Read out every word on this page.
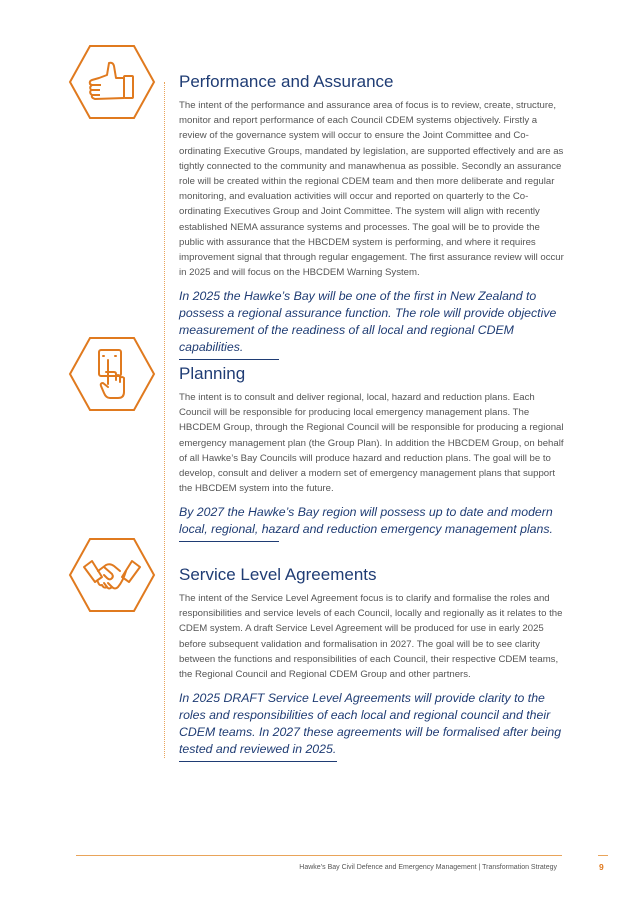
Performance and Assurance

The intent of the performance and assurance area of focus is to review, create, structure, monitor and report performance of each Council CDEM systems objectively. Firstly a review of the governance system will occur to ensure the Joint Committee and Co-ordinating Executive Groups, mandated by legislation, are supported effectively and are as tightly connected to the community and manawhenua as possible. Secondly an assurance role will be created within the regional CDEM team and then more deliberate and regular monitoring, and evaluation activities will occur and reported on quarterly to the Co-ordinating Executives Group and Joint Committee. The system will align with recently established NEMA assurance systems and processes. The goal will be to provide the public with assurance that the HBCDEM system is performing, and where it requires improvement signal that through regular engagement. The first assurance review will occur in 2025 and will focus on the HBCDEM Warning System.

In 2025 the Hawke’s Bay will be one of the first in New Zealand to possess a regional assurance function. The role will provide objective measurement of the readiness of all local and regional CDEM capabilities.
Planning

The intent is to consult and deliver regional, local, hazard and reduction plans. Each Council will be responsible for producing local emergency management plans. The HBCDEM Group, through the Regional Council will be responsible for producing a regional emergency management plan (the Group Plan). In addition the HBCDEM Group, on behalf of all Hawke’s Bay Councils will produce hazard and reduction plans. The goal will be to develop, consult and deliver a modern set of emergency management plans that support the HBCDEM system into the future.

By 2027 the Hawke’s Bay region will possess up to date and modern local, regional, hazard and reduction emergency management plans.
Service Level Agreements

The intent of the Service Level Agreement focus is to clarify and formalise the roles and responsibilities and service levels of each Council, locally and regionally as it relates to the CDEM system. A draft Service Level Agreement will be produced for use in early 2025 before subsequent validation and formalisation in 2027. The goal will be to see clarity between the functions and responsibilities of each Council, their respective CDEM teams, the Regional Council and Regional CDEM Group and other partners.

In 2025 DRAFT Service Level Agreements will provide clarity to the roles and responsibilities of each local and regional council and their CDEM teams. In 2027 these agreements will be formalised after being tested and reviewed in 2025.
Hawke’s Bay Civil Defence and Emergency Management | Transformation Strategy	9
